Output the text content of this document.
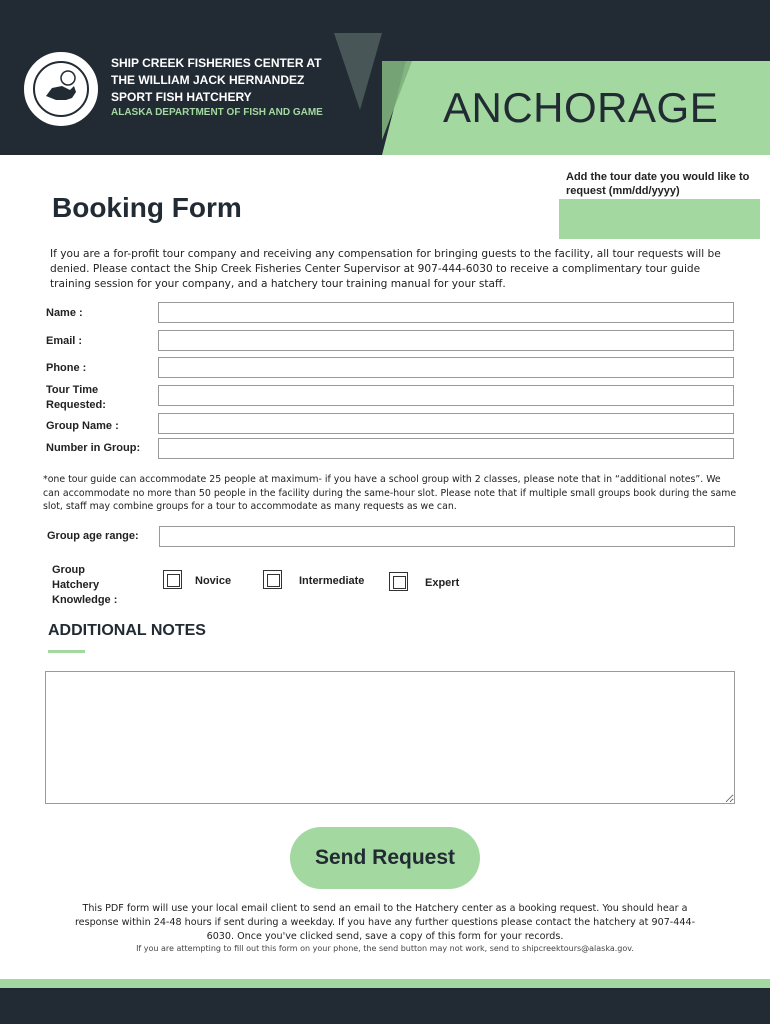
SHIP CREEK FISHERIES CENTER AT
THE WILLIAM JACK HERNANDEZ
SPORT FISH HATCHERY
ALASKA DEPARTMENT OF FISH AND GAME	ANCHORAGE
Booking Form
Add the tour date you would like to request (mm/dd/yyyy)
If you are a for-profit tour company and receiving any compensation for bringing guests to the facility, all tour requests will be denied. Please contact the Ship Creek Fisheries Center Supervisor at 907-444-6030 to receive a complimentary tour guide training session for your company, and a hatchery tour training manual for your staff.
Name :
Email :
Phone :
Tour Time
Requested:
Group Name :
Number in Group:
*one tour guide can accommodate 25 people at maximum- if you have a school group with 2 classes, please note that in “additional notes”. We can accommodate no more than 50 people in the facility during the same-hour slot. Please note that if multiple small groups book during the same slot, staff may combine groups for a tour to accommodate as many requests as we can.
Group age range:
Group
Hatchery
Knowledge :
Novice	Intermediate	Expert
ADDITIONAL NOTES
Send Request
This PDF form will use your local email client to send an email to the Hatchery center as a booking request. You should hear a response within 24-48 hours if sent during a weekday. If you have any further questions please contact the hatchery at 907-444-6030. Once you've clicked send, save a copy of this form for your records.
If you are attempting to fill out this form on your phone, the send button may not work, send to shipcreektours@alaska.gov.
